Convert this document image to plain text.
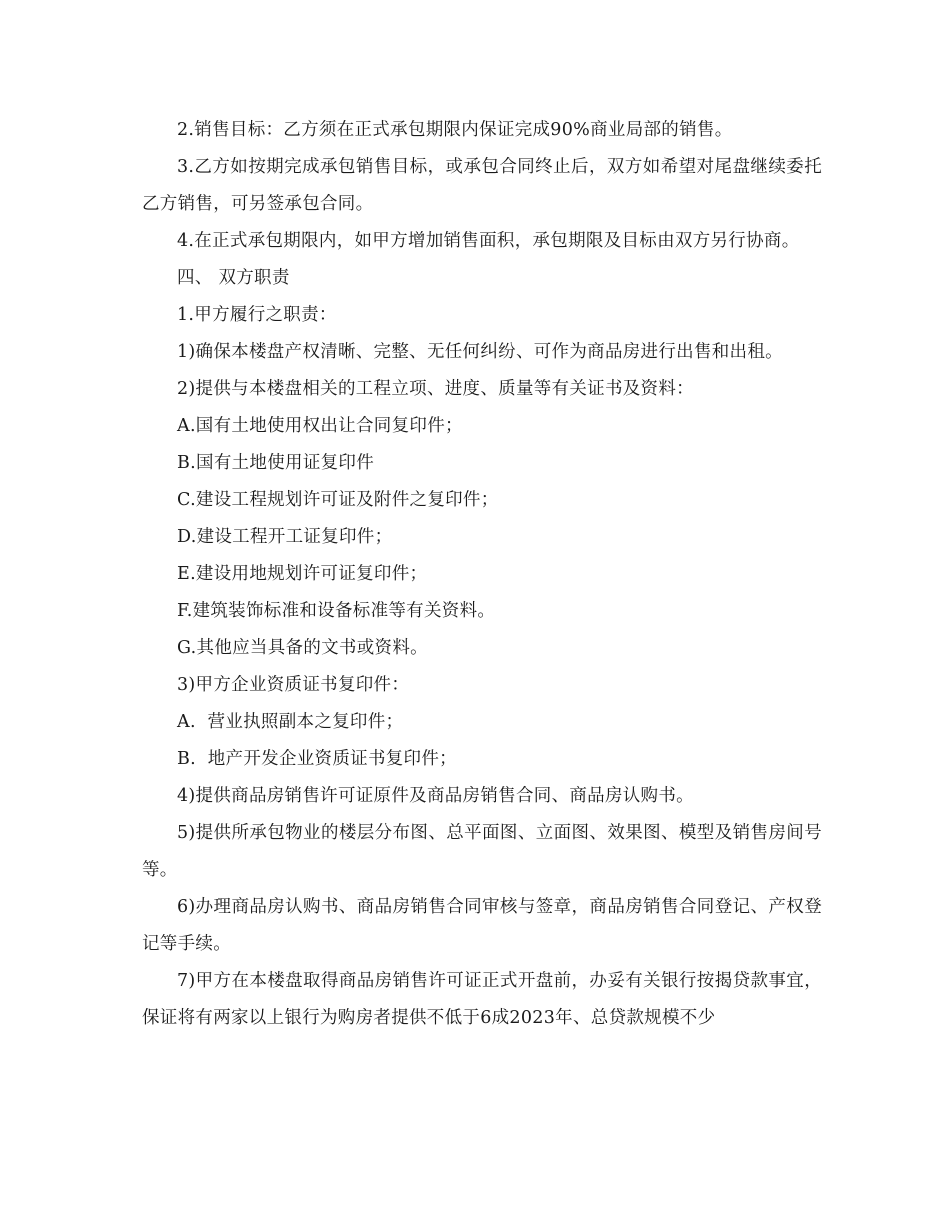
2.销售目标：乙方须在正式承包期限内保证完成90%商业局部的销售。

3.乙方如按期完成承包销售目标，或承包合同终止后，双方如希望对尾盘继续委托乙方销售，可另签承包合同。

4.在正式承包期限内，如甲方增加销售面积，承包期限及目标由双方另行协商。

四、 双方职责

1.甲方履行之职责：

1)确保本楼盘产权清晰、完整、无任何纠纷、可作为商品房进行出售和出租。

2)提供与本楼盘相关的工程立项、进度、质量等有关证书及资料：

A.国有土地使用权出让合同复印件；

B.国有土地使用证复印件

C.建设工程规划许可证及附件之复印件；

D.建设工程开工证复印件；

E.建设用地规划许可证复印件；

F.建筑装饰标准和设备标准等有关资料。

G.其他应当具备的文书或资料。

3)甲方企业资质证书复印件：

A.  营业执照副本之复印件；

B.  地产开发企业资质证书复印件；

4)提供商品房销售许可证原件及商品房销售合同、商品房认购书。

5)提供所承包物业的楼层分布图、总平面图、立面图、效果图、模型及销售房间号等。

6)办理商品房认购书、商品房销售合同审核与签章，商品房销售合同登记、产权登记等手续。

7)甲方在本楼盘取得商品房销售许可证正式开盘前，办妥有关银行按揭贷款事宜，保证将有两家以上银行为购房者提供不低于6成2023年、总贷款规模不少
